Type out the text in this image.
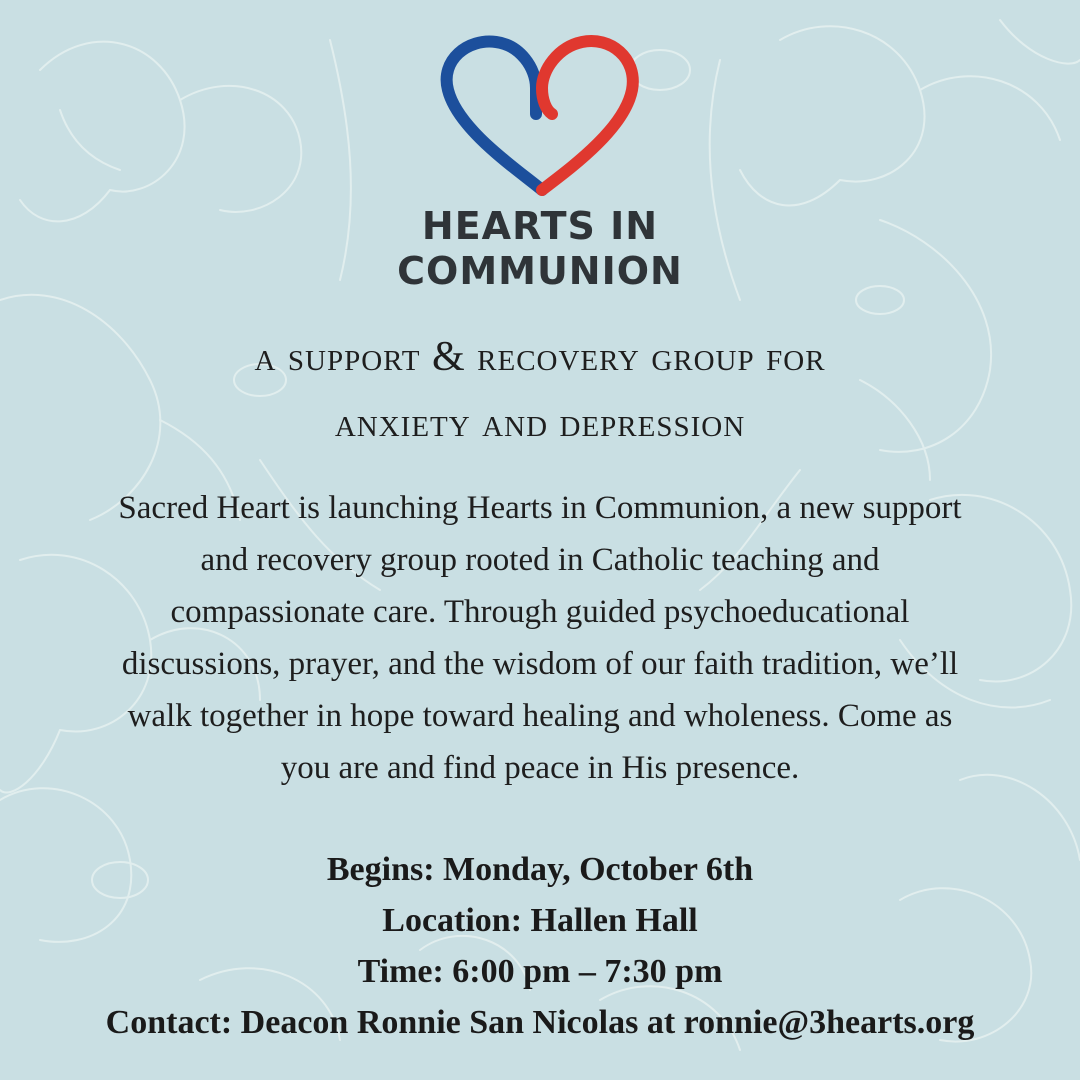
HEARTS IN
COMMUNION
a support & recovery group for
anxiety and depression
Sacred Heart is launching Hearts in Communion, a new support
and recovery group rooted in Catholic teaching and
compassionate care. Through guided psychoeducational
discussions, prayer, and the wisdom of our faith tradition, we’ll
walk together in hope toward healing and wholeness. Come as
you are and find peace in His presence.
Begins: Monday, October 6th
Location: Hallen Hall
Time: 6:00 pm – 7:30 pm
Contact: Deacon Ronnie San Nicolas at ronnie@3hearts.org
